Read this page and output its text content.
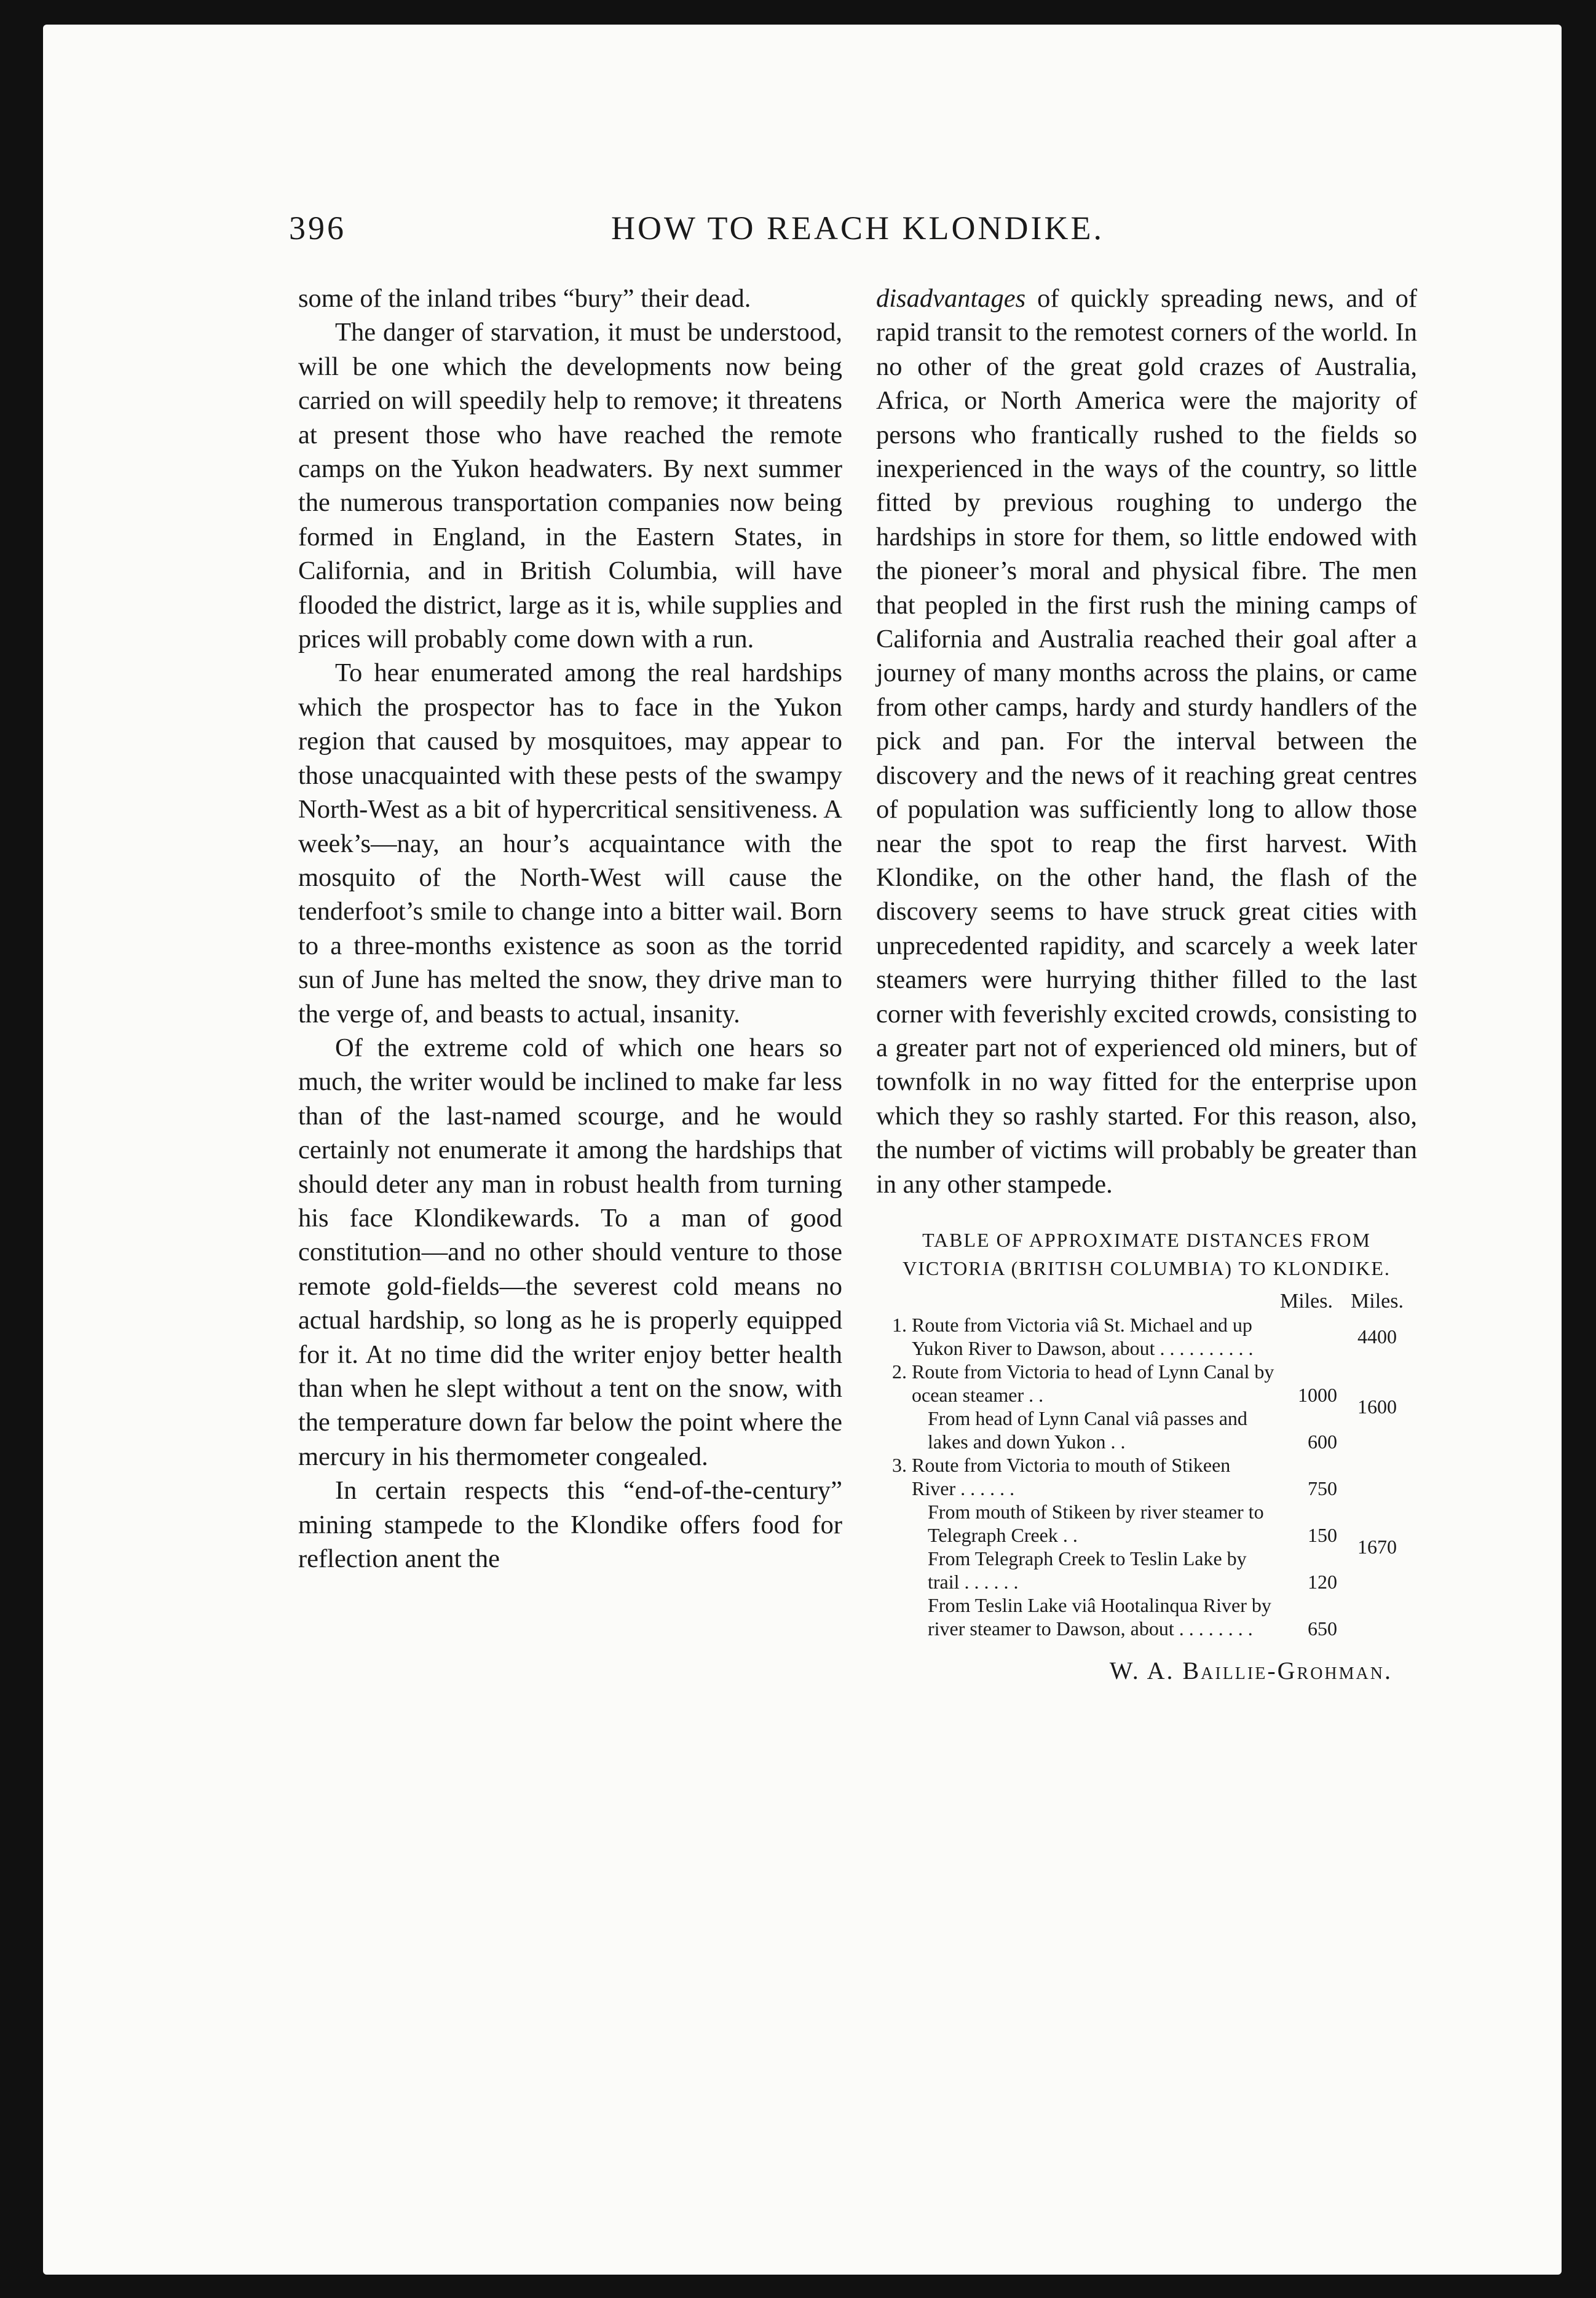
396	HOW TO REACH KLONDIKE.

some of the inland tribes “bury” their dead.

The danger of starvation, it must be understood, will be one which the developments now being carried on will speedily help to remove; it threatens at present those who have reached the remote camps on the Yukon headwaters. By next summer the numerous transportation companies now being formed in England, in the Eastern States, in California, and in British Columbia, will have flooded the district, large as it is, while supplies and prices will probably come down with a run.

To hear enumerated among the real hardships which the prospector has to face in the Yukon region that caused by mosquitoes, may appear to those unacquainted with these pests of the swampy North-West as a bit of hypercritical sensitiveness. A week’s—nay, an hour’s acquaintance with the mosquito of the North-West will cause the tenderfoot’s smile to change into a bitter wail. Born to a three-months existence as soon as the torrid sun of June has melted the snow, they drive man to the verge of, and beasts to actual, insanity.

Of the extreme cold of which one hears so much, the writer would be inclined to make far less than of the last-named scourge, and he would certainly not enumerate it among the hardships that should deter any man in robust health from turning his face Klondikewards. To a man of good constitution—and no other should venture to those remote gold-fields—the severest cold means no actual hardship, so long as he is properly equipped for it. At no time did the writer enjoy better health than when he slept without a tent on the snow, with the temperature down far below the point where the mercury in his thermometer congealed.

In certain respects this “end-of-the-century” mining stampede to the Klondike offers food for reflection anent the

disadvantages of quickly spreading news, and of rapid transit to the remotest corners of the world. In no other of the great gold crazes of Australia, Africa, or North America were the majority of persons who frantically rushed to the fields so inexperienced in the ways of the country, so little fitted by previous roughing to undergo the hardships in store for them, so little endowed with the pioneer’s moral and physical fibre. The men that peopled in the first rush the mining camps of California and Australia reached their goal after a journey of many months across the plains, or came from other camps, hardy and sturdy handlers of the pick and pan. For the interval between the discovery and the news of it reaching great centres of population was sufficiently long to allow those near the spot to reap the first harvest. With Klondike, on the other hand, the flash of the discovery seems to have struck great cities with unprecedented rapidity, and scarcely a week later steamers were hurrying thither filled to the last corner with feverishly excited crowds, consisting to a greater part not of experienced old miners, but of townfolk in no way fitted for the enterprise upon which they so rashly started. For this reason, also, the number of victims will probably be greater than in any other stampede.

TABLE OF APPROXIMATE DISTANCES FROM
VICTORIA (BRITISH COLUMBIA) TO KLONDIKE.
		Miles.	Miles.
1.	Route from Victoria viâ St. Michael and up Yukon River to Dawson, about . . . . . . . . . .		4400
2.	Route from Victoria to head of Lynn Canal by ocean steamer . .	1000	1600
	From head of Lynn Canal viâ passes and lakes and down Yukon . .	600	
3.	Route from Victoria to mouth of Stikeen River . . . . . .	750	1670
	From mouth of Stikeen by river steamer to Telegraph Creek . .	150	
	From Telegraph Creek to Teslin Lake by trail . . . . . .	120	
	From Teslin Lake viâ Hootalinqua River by river steamer to Dawson, about . . . . . . . .	650	
W. A. Baillie-Grohman.
